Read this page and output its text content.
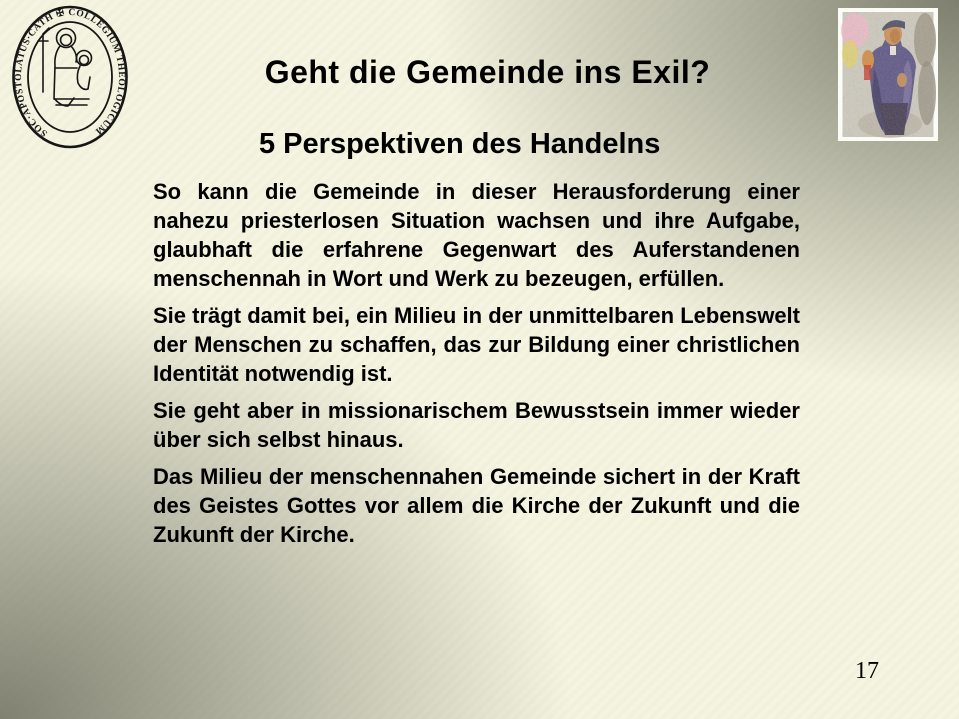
SOC·APOSTOLATUS·CATH ✠ COLLEGIUM THEOLOGICUM
Geht die Gemeinde ins Exil?
5 Perspektiven des Handelns

So kann die Gemeinde in dieser Herausforderung einer nahezu priesterlosen Situation wachsen und ihre Aufgabe, glaubhaft die erfahrene Gegenwart des Auferstandenen menschennah in Wort und Werk zu bezeugen, erfüllen.

Sie trägt damit bei, ein Milieu in der unmittelbaren Lebenswelt der Menschen zu schaffen, das zur Bildung einer christlichen Identität notwendig ist.

Sie geht aber in missionarischem Bewusstsein immer wieder über sich selbst hinaus.

Das Milieu der menschennahen Gemeinde sichert in der Kraft des Geistes Gottes vor allem die Kirche der Zukunft und die Zukunft der Kirche.

17
